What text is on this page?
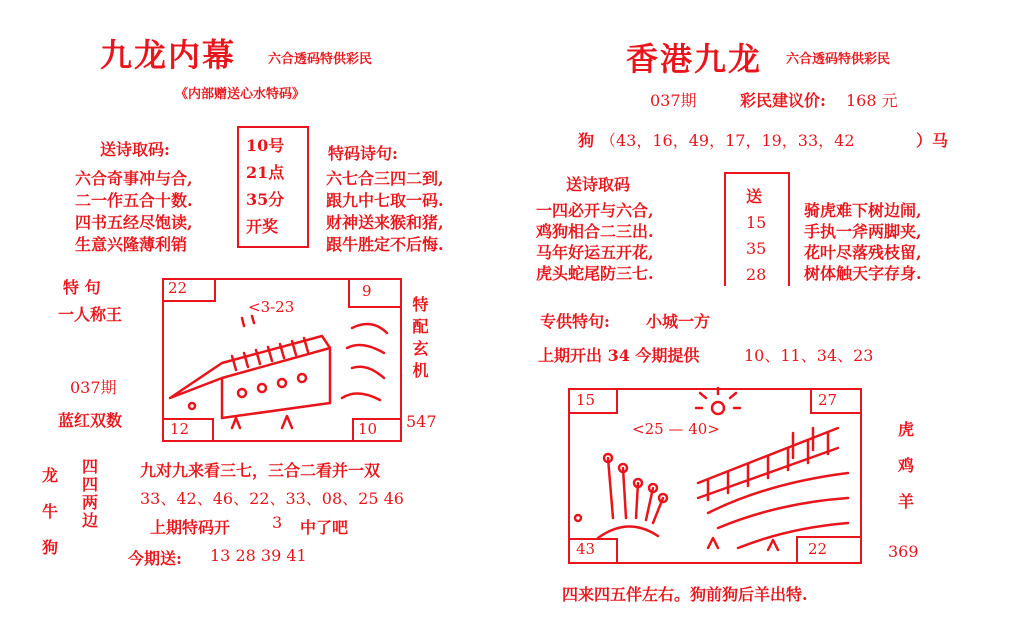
九龙内幕 六合透码特供彩民
《内部赠送心水特码》
送诗取码:
六合奇事冲与合,
二一作五合十数.
四书五经尽饱读,
生意兴隆薄利销
10号
21点
35分
开奖
特码诗句:
六七合三四二到,
跟九中七取一码.
财神送来猴和猪,
跟牛胜定不后悔.
特 句
一人称王
037期
蓝红双数
22	9
12	10
<3-23	特配玄机
547
龙
牛
狗
四
四
两
边
九对九来看三七，三合二看并一双
33、42、46、22、33、08、25 46
上期特码开	3 中了吧
今期送: 13 28 39 41
香港九龙 六合透码特供彩民
037期	彩民建议价: 168 元
狗 （43，16，49，17，19，33，42	）马
送诗取码
一四必开与六合,
鸡狗相合二三出.
马年好运五开花,
虎头蛇尾防三七.
送
15
35
28
骑虎难下树边闹,
手执一斧两脚夹,
花叶尽落残枝留,
树体触天字存身.
专供特句: 小城一方
上期开出 34 今期提供	10、11、34、23
15	27
43	22
<25 — 40>	虎
鸡
羊
369
四来四五伴左右。狗前狗后羊出特.
